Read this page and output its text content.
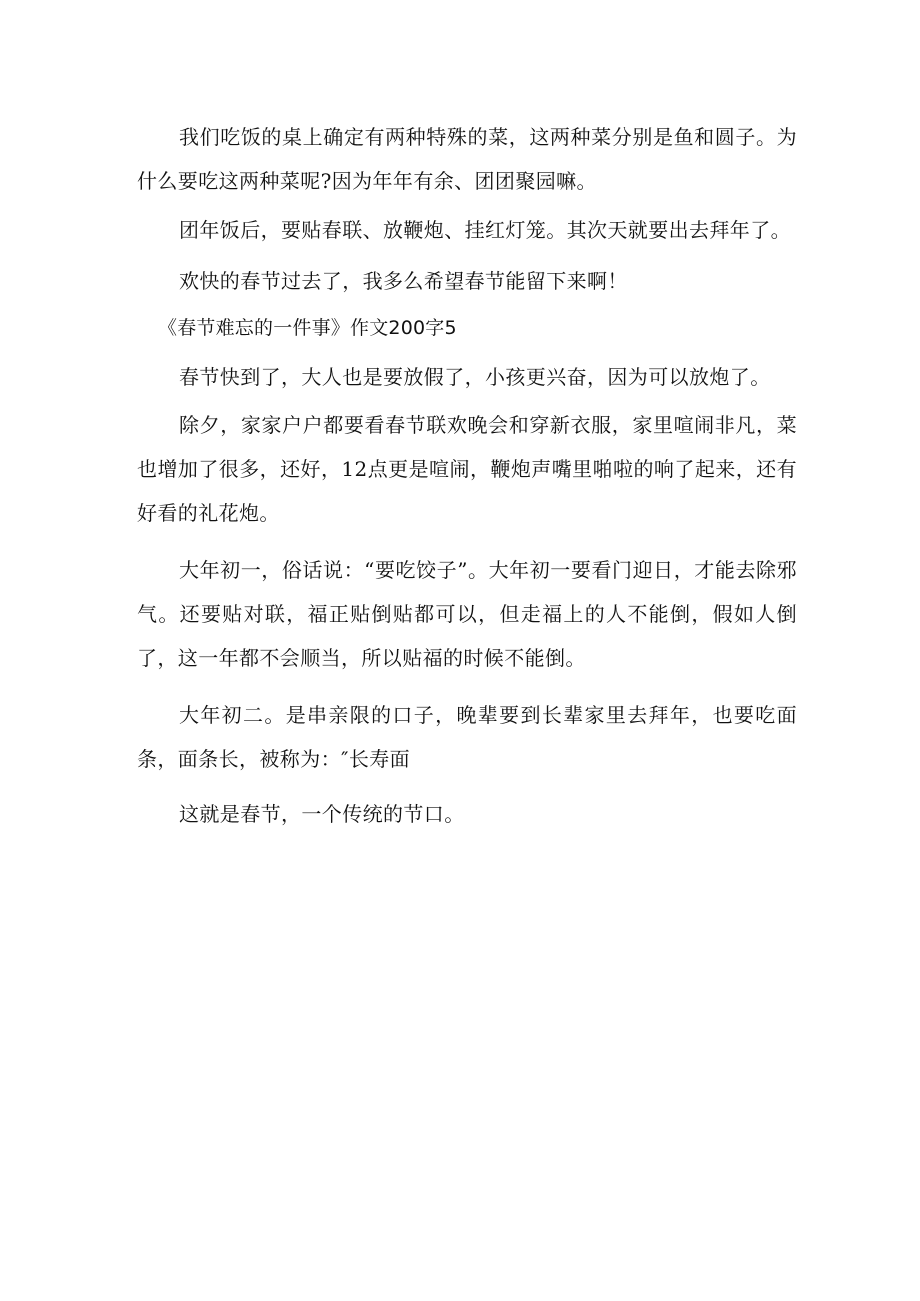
我们吃饭的桌上确定有两种特殊的菜，这两种菜分别是鱼和圆子。为什么要吃这两种菜呢?因为年年有余、团团聚园嘛。

团年饭后，要贴春联、放鞭炮、挂红灯笼。其次天就要出去拜年了。

欢快的春节过去了，我多么希望春节能留下来啊！

《春节难忘的一件事》作文200字5

春节快到了，大人也是要放假了，小孩更兴奋，因为可以放炮了。

除夕，家家户户都要看春节联欢晚会和穿新衣服，家里喧闹非凡，菜也增加了很多，还好，12点更是喧闹，鞭炮声嘴里啪啦的响了起来，还有好看的礼花炮。

大年初一，俗话说：“要吃饺子”。大年初一要看门迎日，才能去除邪气。还要贴对联，福正贴倒贴都可以，但走福上的人不能倒，假如人倒了，这一年都不会顺当，所以贴福的时候不能倒。

大年初二。是串亲限的口子，晚辈要到长辈家里去拜年，也要吃面条，面条长，被称为：″长寿面

这就是春节，一个传统的节口。
